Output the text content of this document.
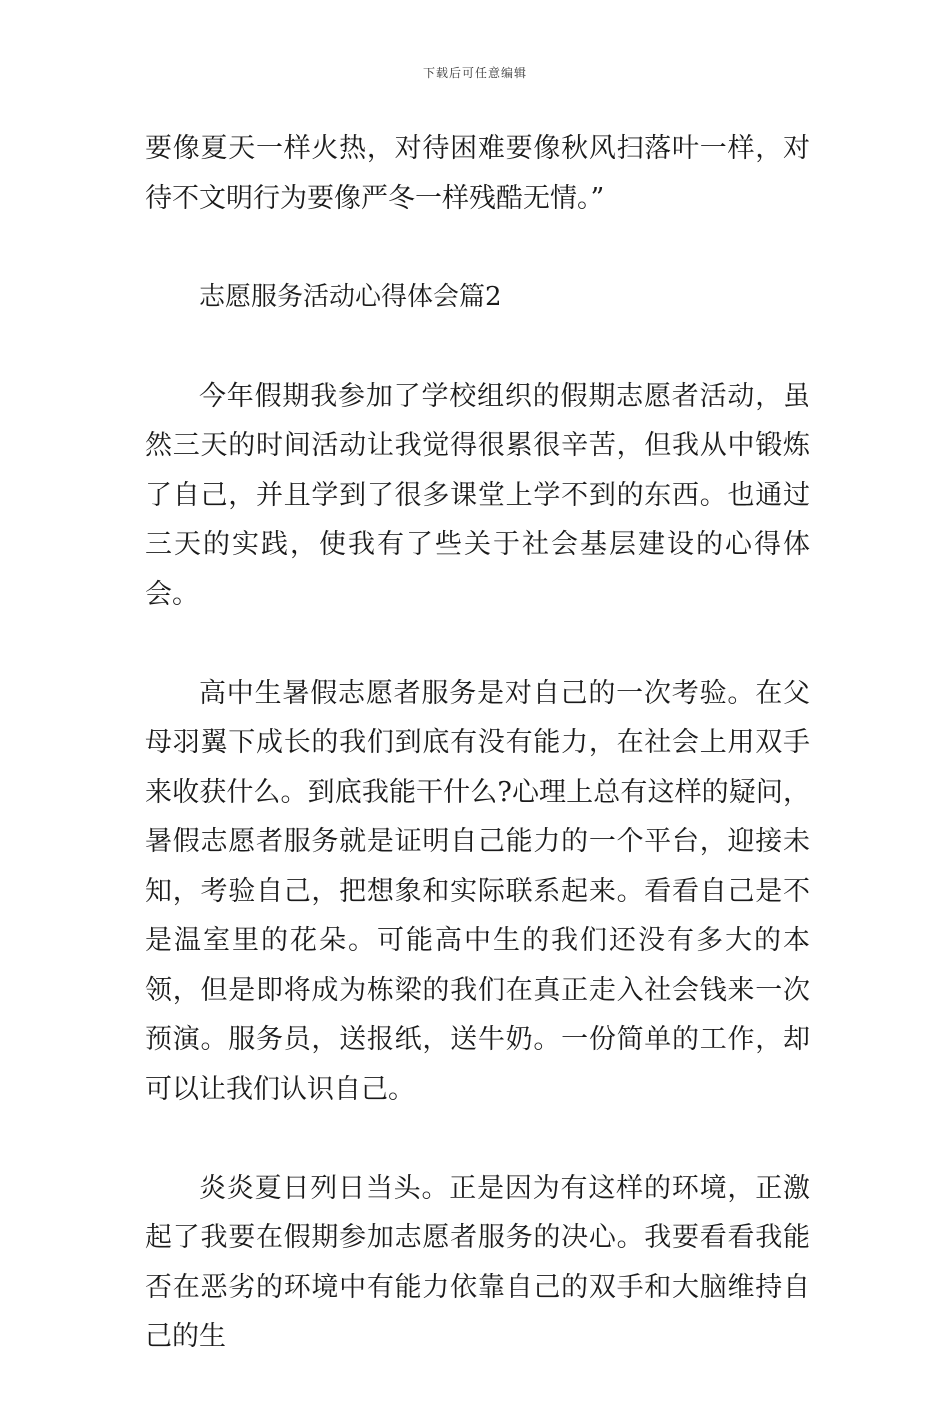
下载后可任意编辑

要像夏天一样火热，对待困难要像秋风扫落叶一样，对待不文明行为要像严冬一样残酷无情。”

志愿服务活动心得体会篇2

今年假期我参加了学校组织的假期志愿者活动，虽然三天的时间活动让我觉得很累很辛苦，但我从中锻炼了自己，并且学到了很多课堂上学不到的东西。也通过三天的实践，使我有了些关于社会基层建设的心得体会。

高中生暑假志愿者服务是对自己的一次考验。在父母羽翼下成长的我们到底有没有能力，在社会上用双手来收获什么。到底我能干什么?心理上总有这样的疑问，暑假志愿者服务就是证明自己能力的一个平台，迎接未知，考验自己，把想象和实际联系起来。看看自己是不是温室里的花朵。可能高中生的我们还没有多大的本领，但是即将成为栋梁的我们在真正走入社会钱来一次预演。服务员，送报纸，送牛奶。一份简单的工作，却可以让我们认识自己。

炎炎夏日列日当头。正是因为有这样的环境，正激起了我要在假期参加志愿者服务的决心。我要看看我能否在恶劣的环境中有能力依靠自己的双手和大脑维持自己的生
